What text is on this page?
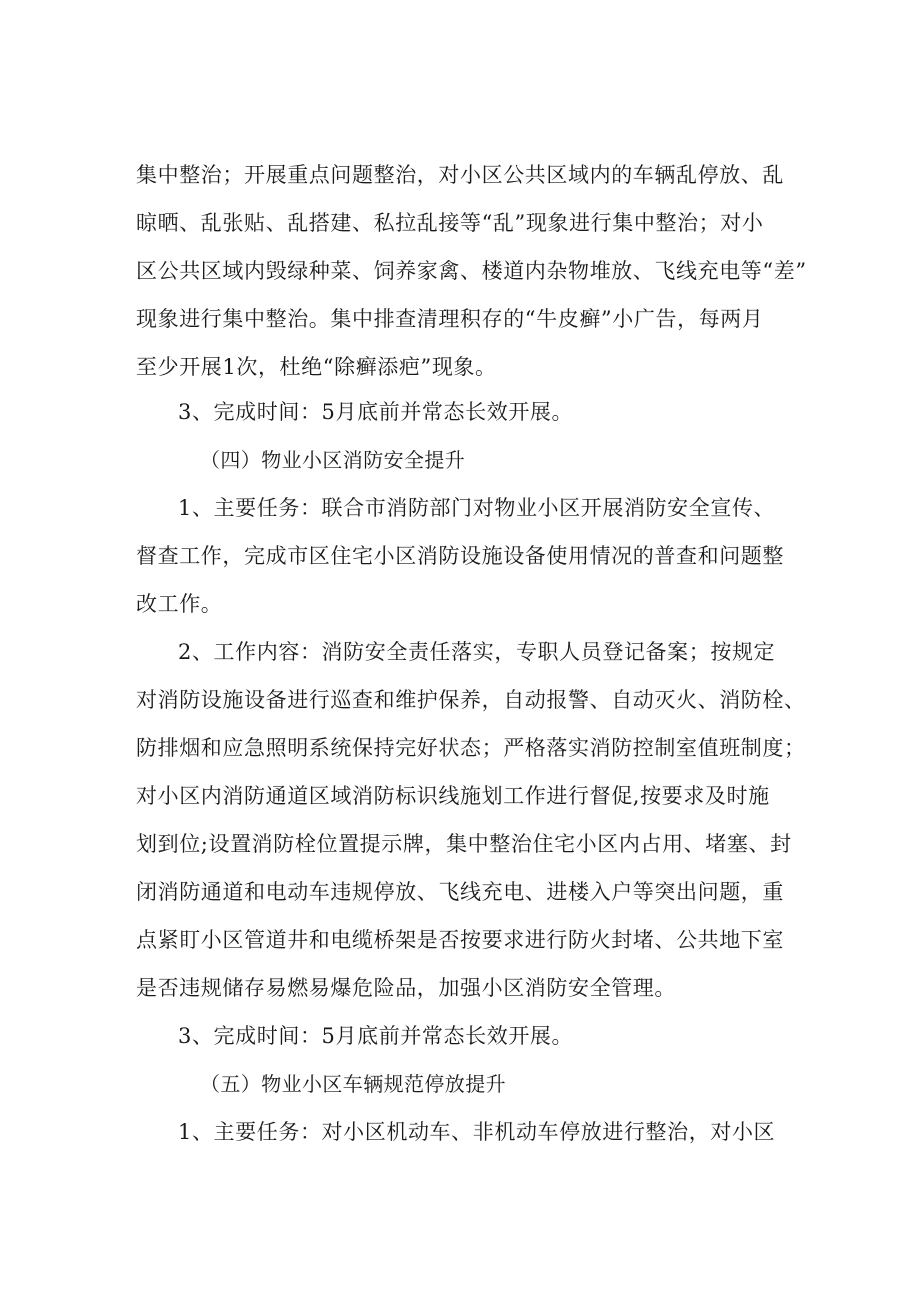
集中整治；开展重点问题整治，对小区公共区域内的车辆乱停放、乱
晾晒、乱张贴、乱搭建、私拉乱接等“乱”现象进行集中整治；对小
区公共区域内毁绿种菜、饲养家禽、楼道内杂物堆放、飞线充电等“差”
现象进行集中整治。集中排查清理积存的“牛皮癣”小广告，每两月
至少开展1次，杜绝“除癣添疤”现象。
3、完成时间：5月底前并常态长效开展。
（四）物业小区消防安全提升
1、主要任务：联合市消防部门对物业小区开展消防安全宣传、
督查工作，完成市区住宅小区消防设施设备使用情况的普查和问题整
改工作。
2、工作内容：消防安全责任落实，专职人员登记备案；按规定
对消防设施设备进行巡查和维护保养，自动报警、自动灭火、消防栓、
防排烟和应急照明系统保持完好状态；严格落实消防控制室值班制度；
对小区内消防通道区域消防标识线施划工作进行督促,按要求及时施
划到位;设置消防栓位置提示牌，集中整治住宅小区内占用、堵塞、封
闭消防通道和电动车违规停放、飞线充电、进楼入户等突出问题，重
点紧盯小区管道井和电缆桥架是否按要求进行防火封堵、公共地下室
是否违规储存易燃易爆危险品，加强小区消防安全管理。
3、完成时间：5月底前并常态长效开展。
（五）物业小区车辆规范停放提升
1、主要任务：对小区机动车、非机动车停放进行整治，对小区
